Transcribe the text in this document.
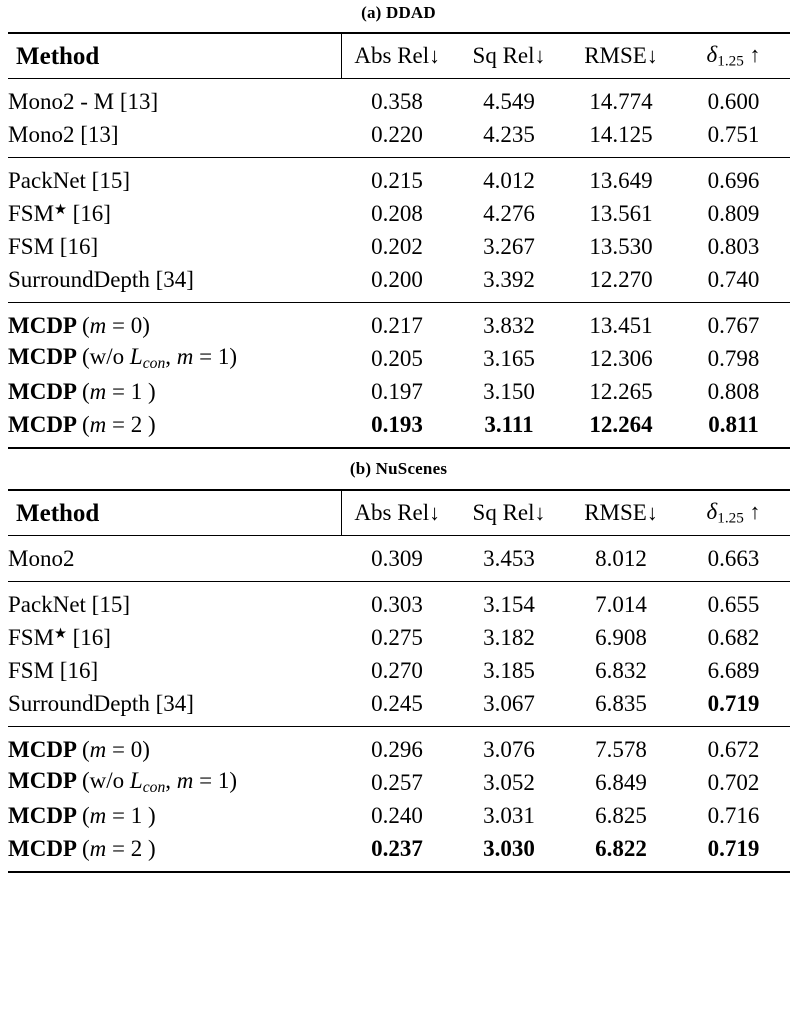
(a) DDAD

Method	Abs Rel↓	Sq Rel↓	RMSE↓	δ1.25 ↑

Mono2 - M [13]	0.358	4.549	14.774	0.600
Mono2 [13]	0.220	4.235	14.125	0.751

PackNet [15]	0.215	4.012	13.649	0.696
FSM★ [16]	0.208	4.276	13.561	0.809
FSM [16]	0.202	3.267	13.530	0.803
SurroundDepth [34]	0.200	3.392	12.270	0.740

MCDP (m = 0)	0.217	3.832	13.451	0.767
MCDP (w/o $L_{con}$, m = 1)	0.205	3.165	12.306	0.798
MCDP (m = 1 )	0.197	3.150	12.265	0.808
MCDP (m = 2 )	0.193	3.111	12.264	0.811

(b) NuScenes

Method	Abs Rel↓	Sq Rel↓	RMSE↓	δ1.25 ↑

Mono2	0.309	3.453	8.012	0.663

PackNet [15]	0.303	3.154	7.014	0.655
FSM★ [16]	0.275	3.182	6.908	0.682
FSM [16]	0.270	3.185	6.832	6.689
SurroundDepth [34]	0.245	3.067	6.835	0.719

MCDP (m = 0)	0.296	3.076	7.578	0.672
MCDP (w/o $L_{con}$, m = 1)	0.257	3.052	6.849	0.702
MCDP (m = 1 )	0.240	3.031	6.825	0.716
MCDP (m = 2 )	0.237	3.030	6.822	0.719
